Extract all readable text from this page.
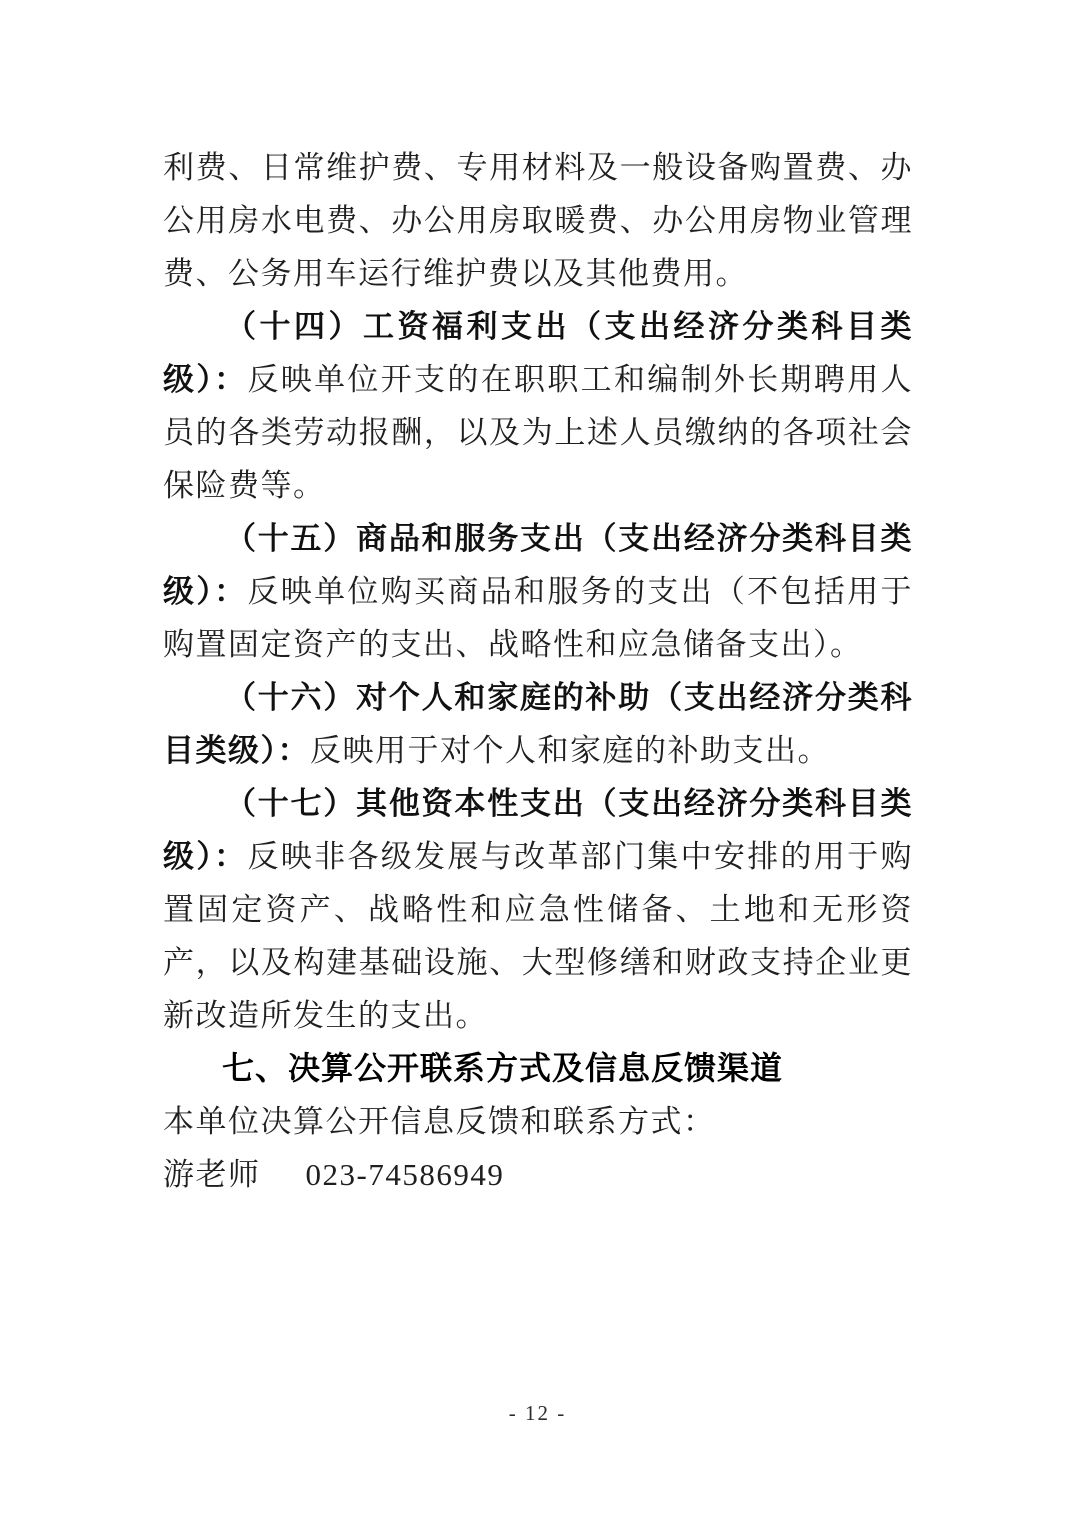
利费、日常维护费、专用材料及一般设备购置费、办公用房水电费、办公用房取暖费、办公用房物业管理费、公务用车运行维护费以及其他费用。

（十四）工资福利支出（支出经济分类科目类级）：反映单位开支的在职职工和编制外长期聘用人员的各类劳动报酬，以及为上述人员缴纳的各项社会保险费等。

（十五）商品和服务支出（支出经济分类科目类级）：反映单位购买商品和服务的支出（不包括用于购置固定资产的支出、战略性和应急储备支出）。

（十六）对个人和家庭的补助（支出经济分类科目类级）：反映用于对个人和家庭的补助支出。

（十七）其他资本性支出（支出经济分类科目类级）：反映非各级发展与改革部门集中安排的用于购置固定资产、战略性和应急性储备、土地和无形资产，以及构建基础设施、大型修缮和财政支持企业更新改造所发生的支出。

七、决算公开联系方式及信息反馈渠道

本单位决算公开信息反馈和联系方式：

游老师 023-74586949

- 12 -
